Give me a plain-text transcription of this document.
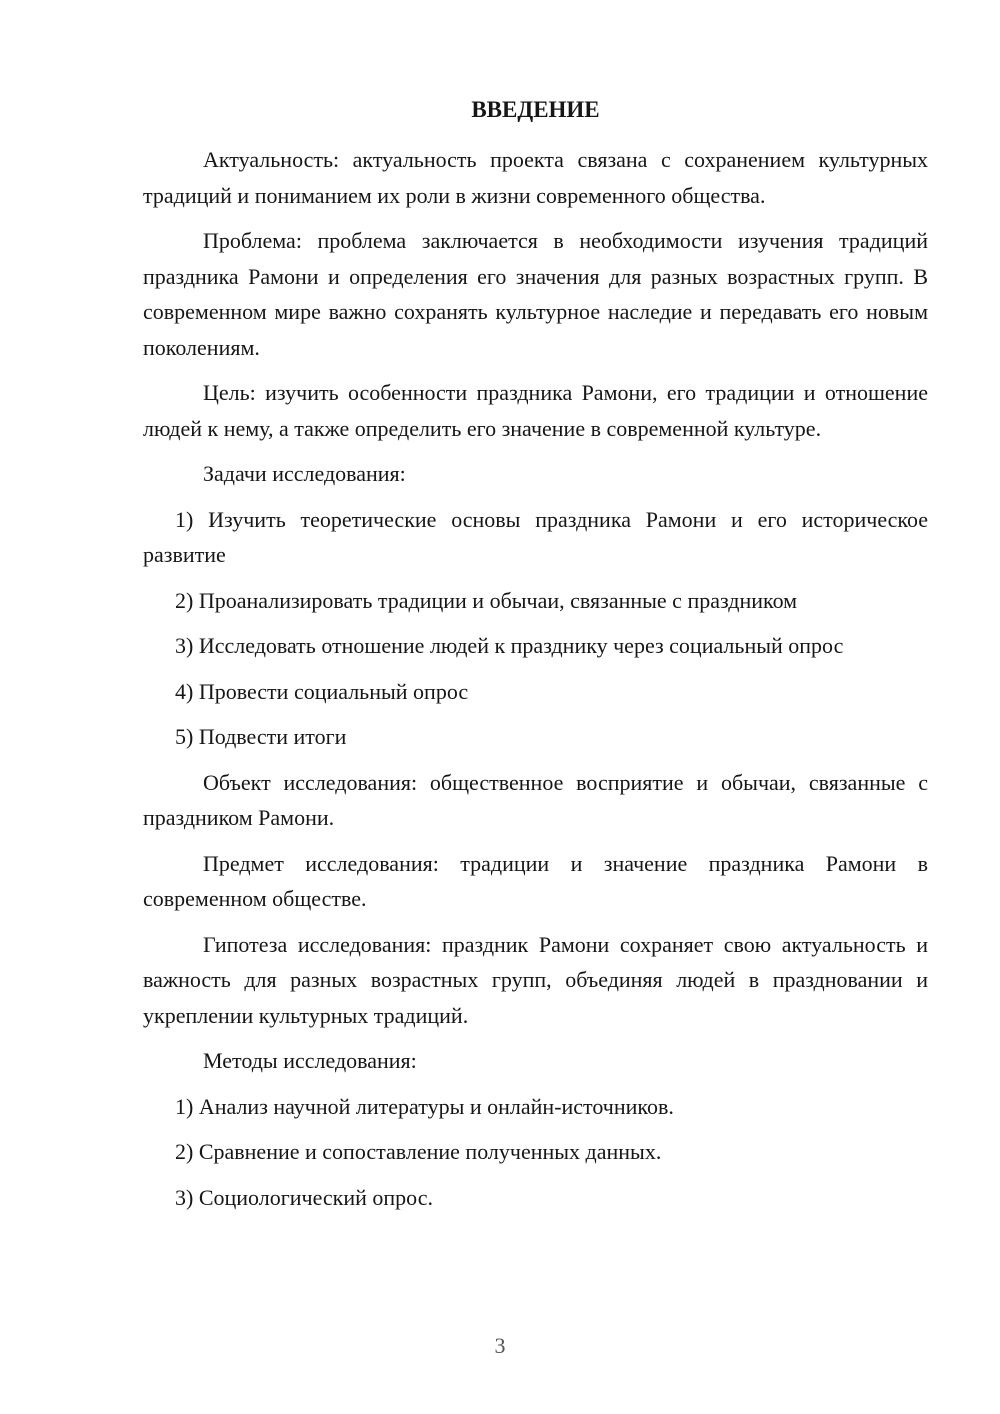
ВВЕДЕНИЕ

Актуальность: актуальность проекта связана с сохранением культурных традиций и пониманием их роли в жизни современного общества.

Проблема: проблема заключается в необходимости изучения традиций праздника Рамони и определения его значения для разных возрастных групп. В современном мире важно сохранять культурное наследие и передавать его новым поколениям.

Цель: изучить особенности праздника Рамони, его традиции и отношение людей к нему, а также определить его значение в современной культуре.

Задачи исследования:

1) Изучить теоретические основы праздника Рамони и его историческое развитие

2) Проанализировать традиции и обычаи, связанные с праздником

3) Исследовать отношение людей к празднику через социальный опрос

4) Провести социальный опрос

5) Подвести итоги

Объект исследования: общественное восприятие и обычаи, связанные с праздником Рамони.

Предмет исследования: традиции и значение праздника Рамони в современном обществе.

Гипотеза исследования: праздник Рамони сохраняет свою актуальность и важность для разных возрастных групп, объединяя людей в праздновании и укреплении культурных традиций.

Методы исследования:

1) Анализ научной литературы и онлайн-источников.

2) Сравнение и сопоставление полученных данных.

3) Социологический опрос.

3
